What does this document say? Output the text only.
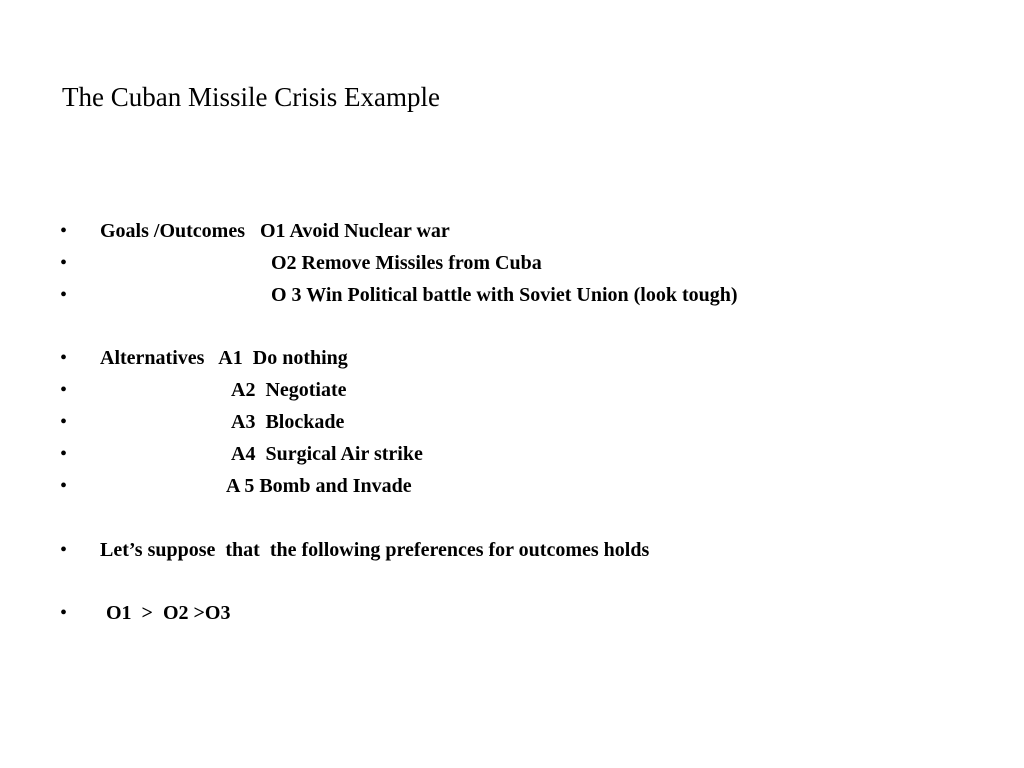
The Cuban Missile Crisis Example
• Goals /Outcomes   O1 Avoid Nuclear war
•	O2 Remove Missiles from Cuba
•	O 3 Win Political battle with Soviet Union (look tough)
• Alternatives   A1  Do nothing
•	A2  Negotiate
•	A3  Blockade
•	A4  Surgical Air strike
•	A 5 Bomb and Invade
• Let’s suppose  that  the following preferences for outcomes holds
• O1  >  O2 >O3
